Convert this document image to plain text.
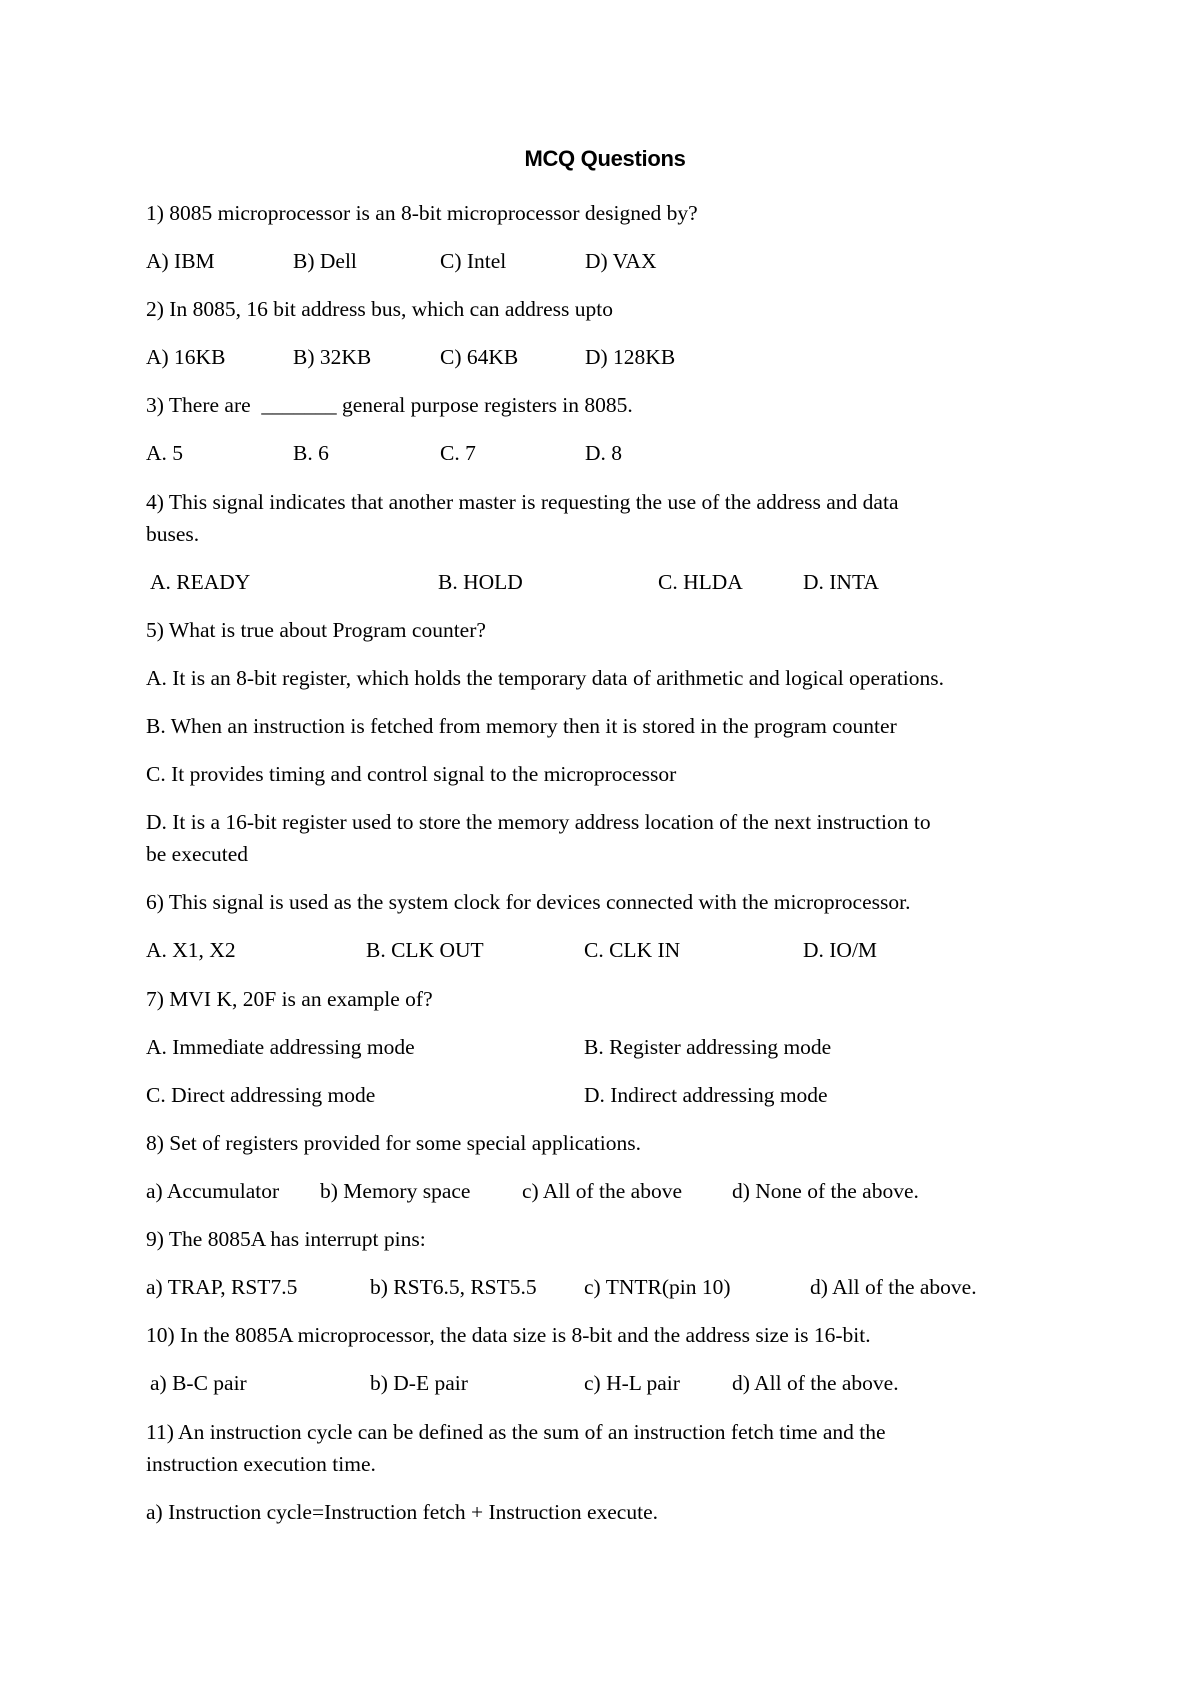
MCQ Questions
1) 8085 microprocessor is an 8-bit microprocessor designed by?
A) IBM	B) Dell	C) Intel	D) VAX
2) In 8085, 16 bit address bus, which can address upto
A) 16KB	B) 32KB	C) 64KB	D) 128KB
3) There are  _______ general purpose registers in 8085.
A. 5	B. 6	C. 7	D. 8
4) This signal indicates that another master is requesting the use of the address and data
buses.
A. READY	B. HOLD	C. HLDA	D. INTA
5) What is true about Program counter?
A. It is an 8-bit register, which holds the temporary data of arithmetic and logical operations.
B. When an instruction is fetched from memory then it is stored in the program counter
C. It provides timing and control signal to the microprocessor
D. It is a 16-bit register used to store the memory address location of the next instruction to
be executed
6) This signal is used as the system clock for devices connected with the microprocessor.
A. X1, X2	B. CLK OUT	C. CLK IN	D. IO/M
7) MVI K, 20F is an example of?
A. Immediate addressing mode	B. Register addressing mode
C. Direct addressing mode	D. Indirect addressing mode
8) Set of registers provided for some special applications.
a) Accumulator b) Memory space c) All of the above d) None of the above.
9) The 8085A has interrupt pins:
a) TRAP, RST7.5	b) RST6.5, RST5.5 c) TNTR(pin 10)	d) All of the above.
10) In the 8085A microprocessor, the data size is 8-bit and the address size is 16-bit.
a) B-C pair	b) D-E pair	c) H-L pair d) All of the above.
11) An instruction cycle can be defined as the sum of an instruction fetch time and the
instruction execution time.
a) Instruction cycle=Instruction fetch + Instruction execute.
